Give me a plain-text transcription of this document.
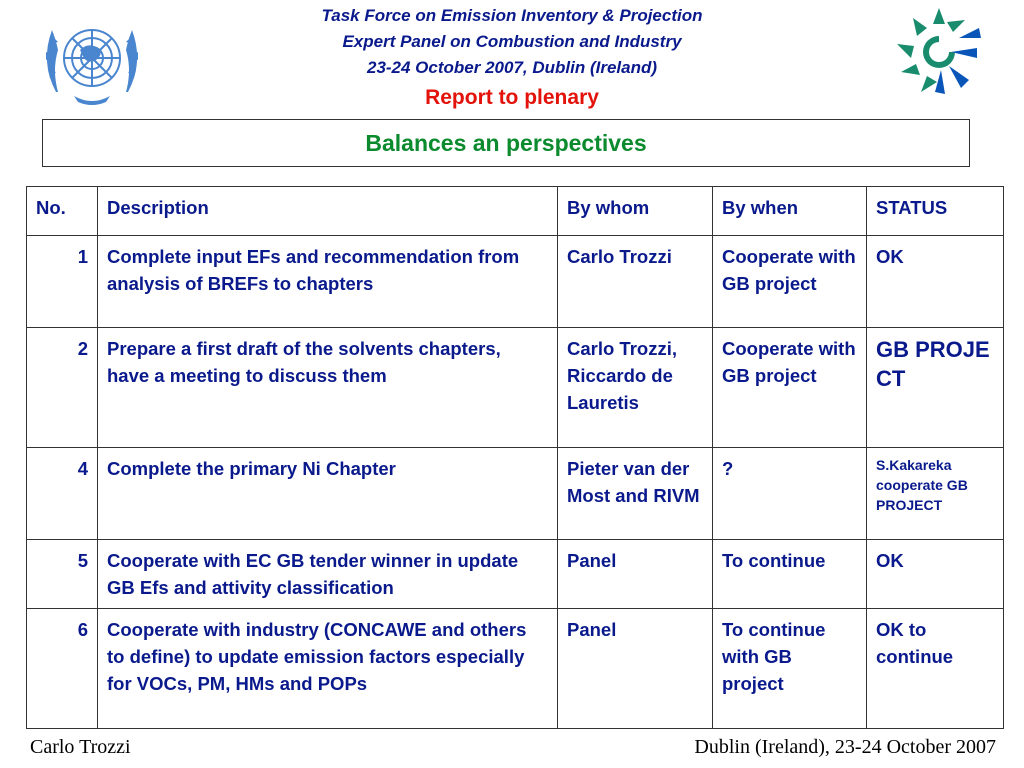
Task Force on Emission Inventory & Projection
Expert Panel on Combustion and Industry
23-24 October 2007, Dublin (Ireland)
Report to plenary
Balances an perspectives
No.	Description	By whom	By when	STATUS
1	Complete input EFs and recommendation from analysis of BREFs to chapters	Carlo Trozzi	Cooperate with GB project	OK
2	Prepare a first draft of the solvents chapters, have a meeting to discuss them	Carlo Trozzi, Riccardo de Lauretis	Cooperate with GB project	GB PROJECT
4	Complete the primary Ni Chapter	Pieter van der Most and RIVM	?	S.Kakareka cooperate GB PROJECT
5	Cooperate with EC GB tender winner in update GB Efs and attivity classification	Panel	To continue	OK
6	Cooperate with industry (CONCAWE and others to define) to update emission factors especially for VOCs, PM, HMs and POPs	Panel	To continue with GB project	OK to continue
Carlo Trozzi	Dublin (Ireland), 23-24 October 2007
